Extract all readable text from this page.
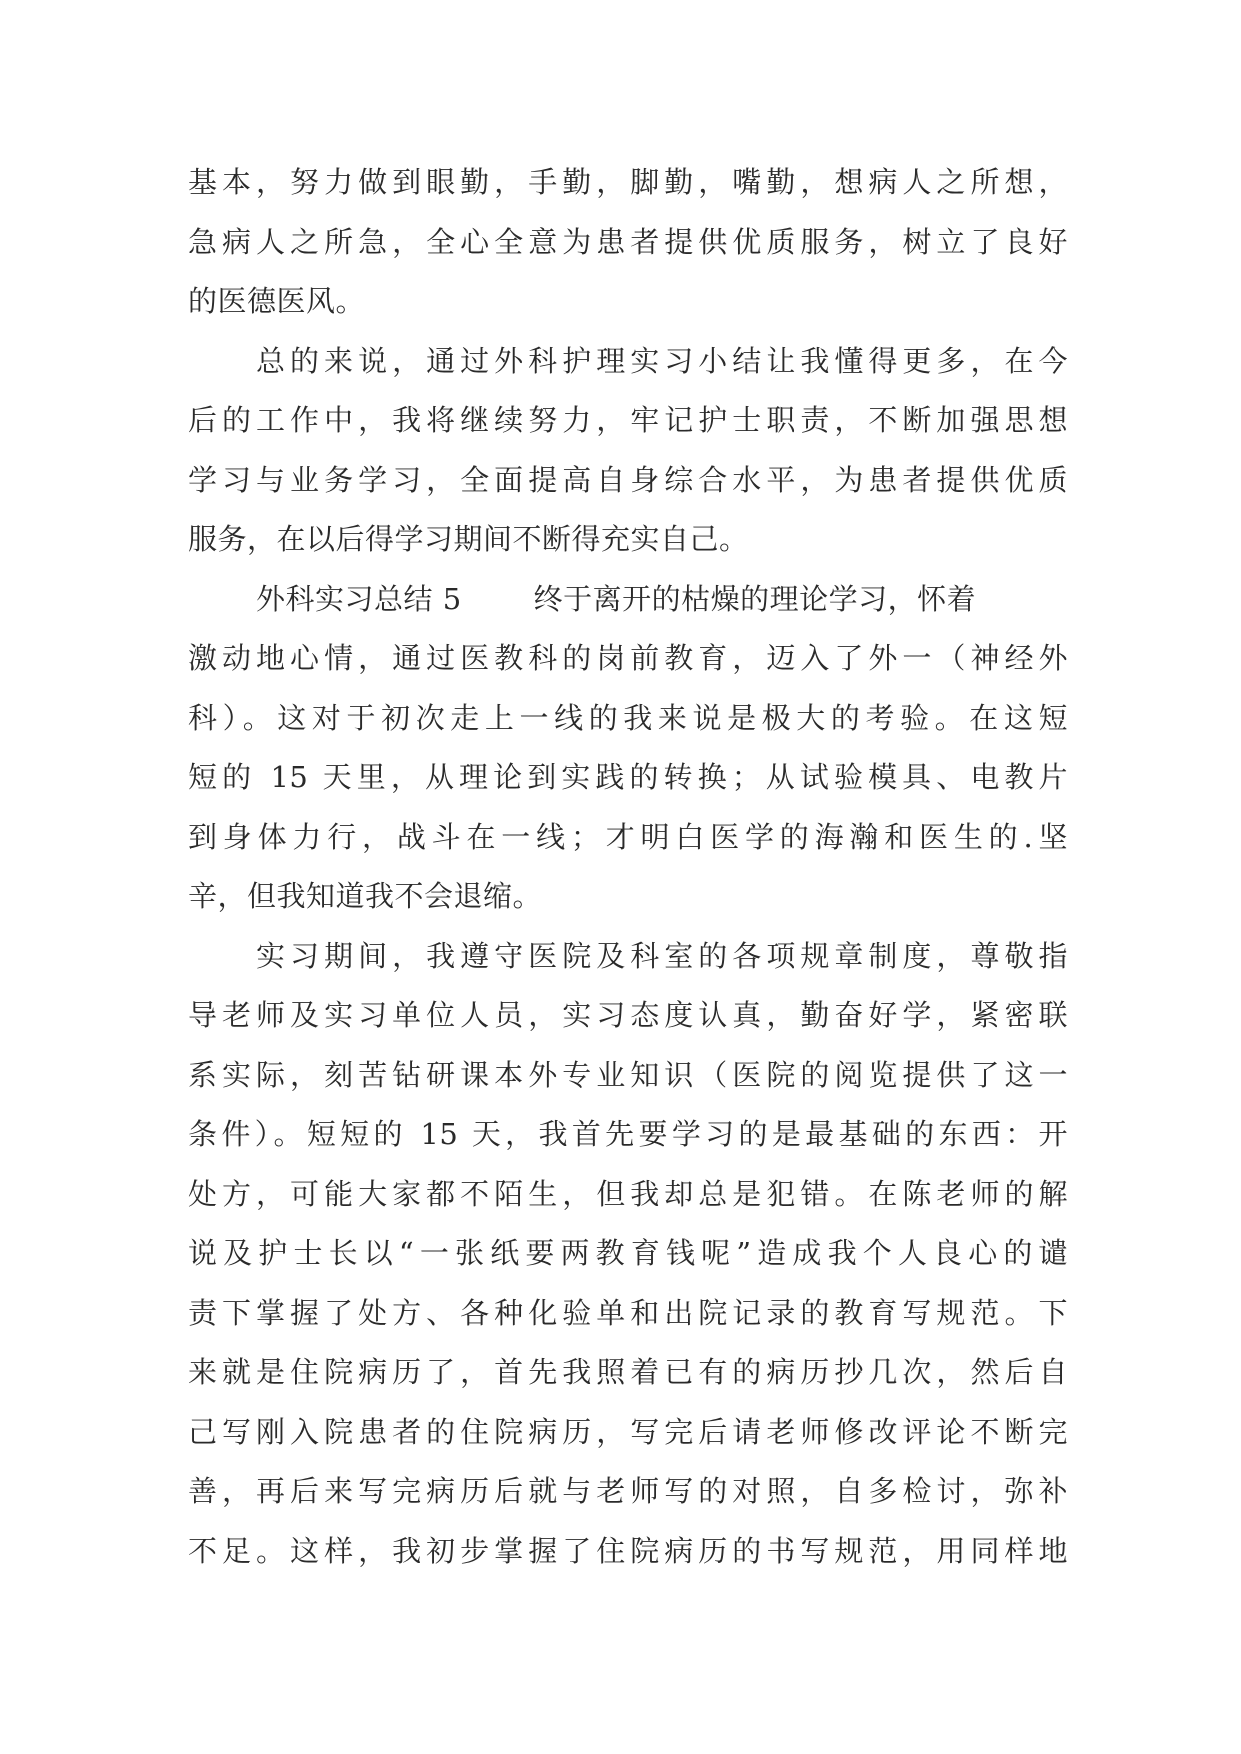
基本，努力做到眼勤，手勤，脚勤，嘴勤，想病人之所想，
急病人之所急，全心全意为患者提供优质服务，树立了良好
的医德医风。
总的来说，通过外科护理实习小结让我懂得更多，在今
后的工作中，我将继续努力，牢记护士职责，不断加强思想
学习与业务学习，全面提高自身综合水平，为患者提供优质
服务，在以后得学习期间不断得充实自己。
外科实习总结 5 终于离开的枯燥的理论学习，怀着
激动地心情，通过医教科的岗前教育，迈入了外一（神经外
科）。这对于初次走上一线的我来说是极大的考验。在这短
短的 15 天里，从理论到实践的转换；从试验模具、电教片
到身体力行，战斗在一线；才明白医学的海瀚和医生的.坚
辛，但我知道我不会退缩。
实习期间，我遵守医院及科室的各项规章制度，尊敬指
导老师及实习单位人员，实习态度认真，勤奋好学，紧密联
系实际，刻苦钻研课本外专业知识（医院的阅览提供了这一
条件）。短短的 15 天，我首先要学习的是最基础的东西：开
处方，可能大家都不陌生，但我却总是犯错。在陈老师的解
说及护士长以“一张纸要两教育钱呢”造成我个人良心的谴
责下掌握了处方、各种化验单和出院记录的教育写规范。下
来就是住院病历了，首先我照着已有的病历抄几次，然后自
己写刚入院患者的住院病历，写完后请老师修改评论不断完
善，再后来写完病历后就与老师写的对照，自多检讨，弥补
不足。这样，我初步掌握了住院病历的书写规范，用同样地
